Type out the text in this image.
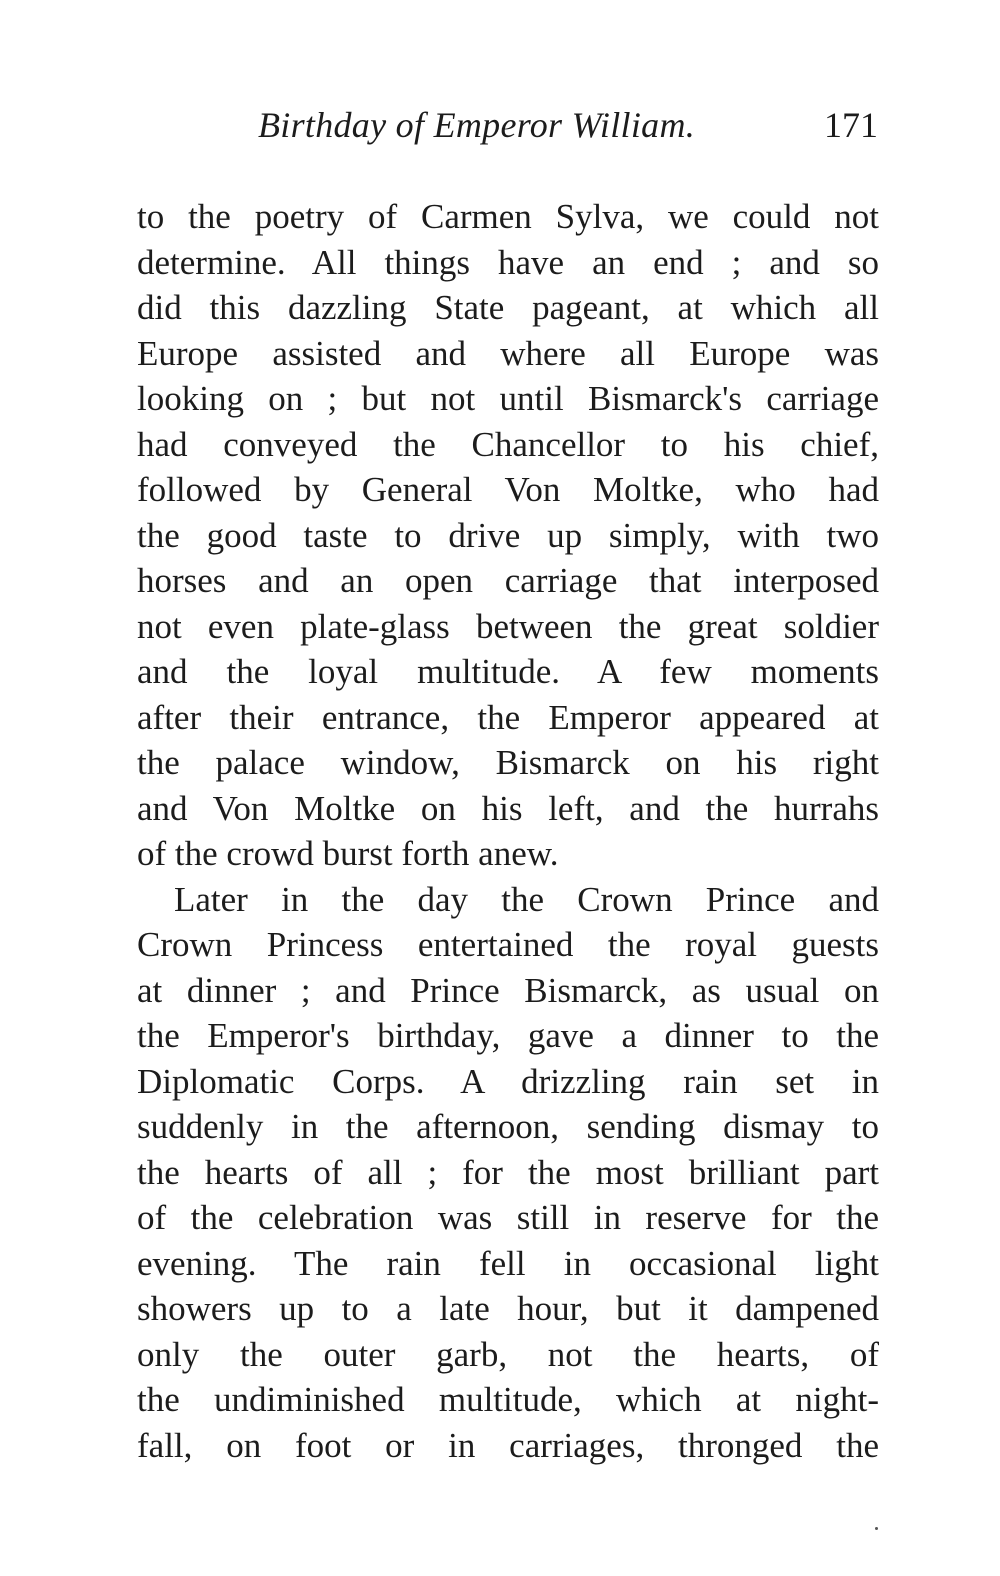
Birthday of Emperor William.	171
to the poetry of Carmen Sylva, we could not
determine. All things have an end ; and so
did this dazzling State pageant, at which all
Europe assisted and where all Europe was
looking on ; but not until Bismarck's carriage
had conveyed the Chancellor to his chief,
followed by General Von Moltke, who had
the good taste to drive up simply, with two
horses and an open carriage that interposed
not even plate-glass between the great soldier
and the loyal multitude. A few moments
after their entrance, the Emperor appeared at
the palace window, Bismarck on his right
and Von Moltke on his left, and the hurrahs
of the crowd burst forth anew.
Later in the day the Crown Prince and
Crown Princess entertained the royal guests
at dinner ; and Prince Bismarck, as usual on
the Emperor's birthday, gave a dinner to the
Diplomatic Corps. A drizzling rain set in
suddenly in the afternoon, sending dismay to
the hearts of all ; for the most brilliant part
of the celebration was still in reserve for the
evening. The rain fell in occasional light
showers up to a late hour, but it dampened
only the outer garb, not the hearts, of
the undiminished multitude, which at night-
fall, on foot or in carriages, thronged the
